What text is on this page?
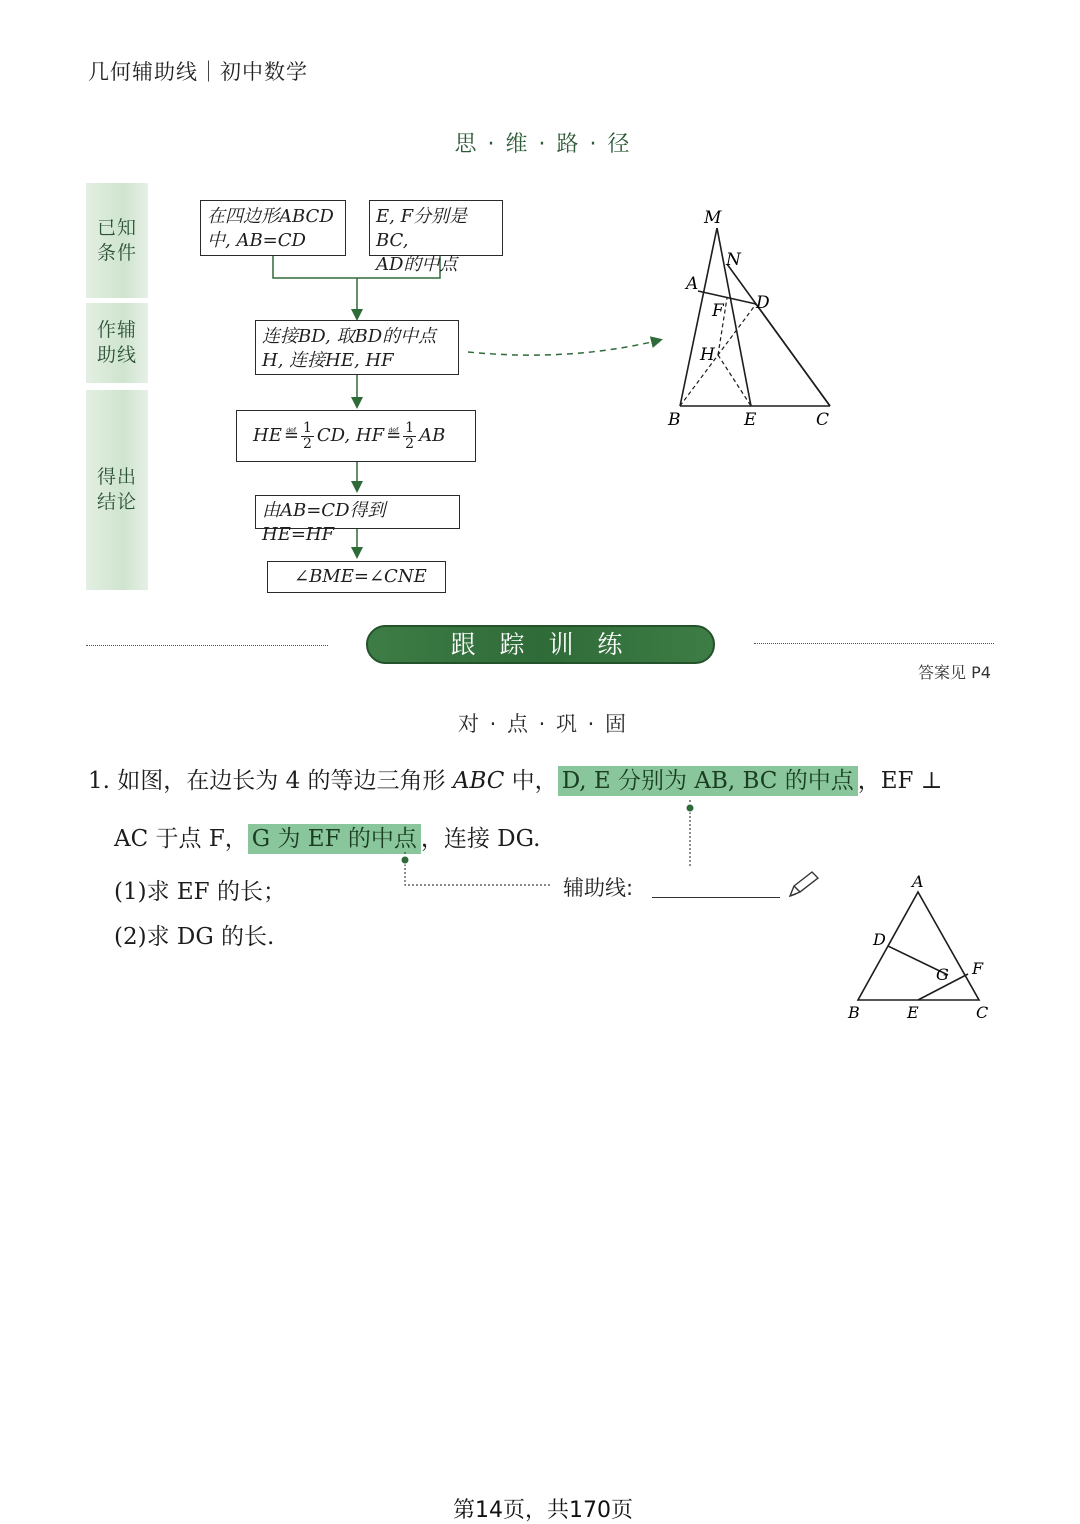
几何辅助线｜初中数学
思 · 维 · 路 · 径
已知
条件
作辅
助线
得出
结论
在四边形ABCD
中, AB=CD
E, F分别是BC,
AD的中点
连接BD, 取BD的中点
H, 连接HE, HF
HE ≝ $\frac{1}{2}$ CD, HF ≝ $\frac{1}{2}$ AB
由AB=CD得到HE=HF
∠BME=∠CNE
M
N
A
D
F
H
B	E	C
跟 踪 训 练
答案见 P4
对 · 点 · 巩 · 固
1. 如图，在边长为 4 的等边三角形 ABC 中， D, E 分别为 AB, BC 的中点 ，EF ⊥
AC 于点 F， G 为 EF 的中点 ，连接 DG.
辅助线:
(1)求 EF 的长；
(2)求 DG 的长.
A
D
G F
B	E	C
第14页，共170页
